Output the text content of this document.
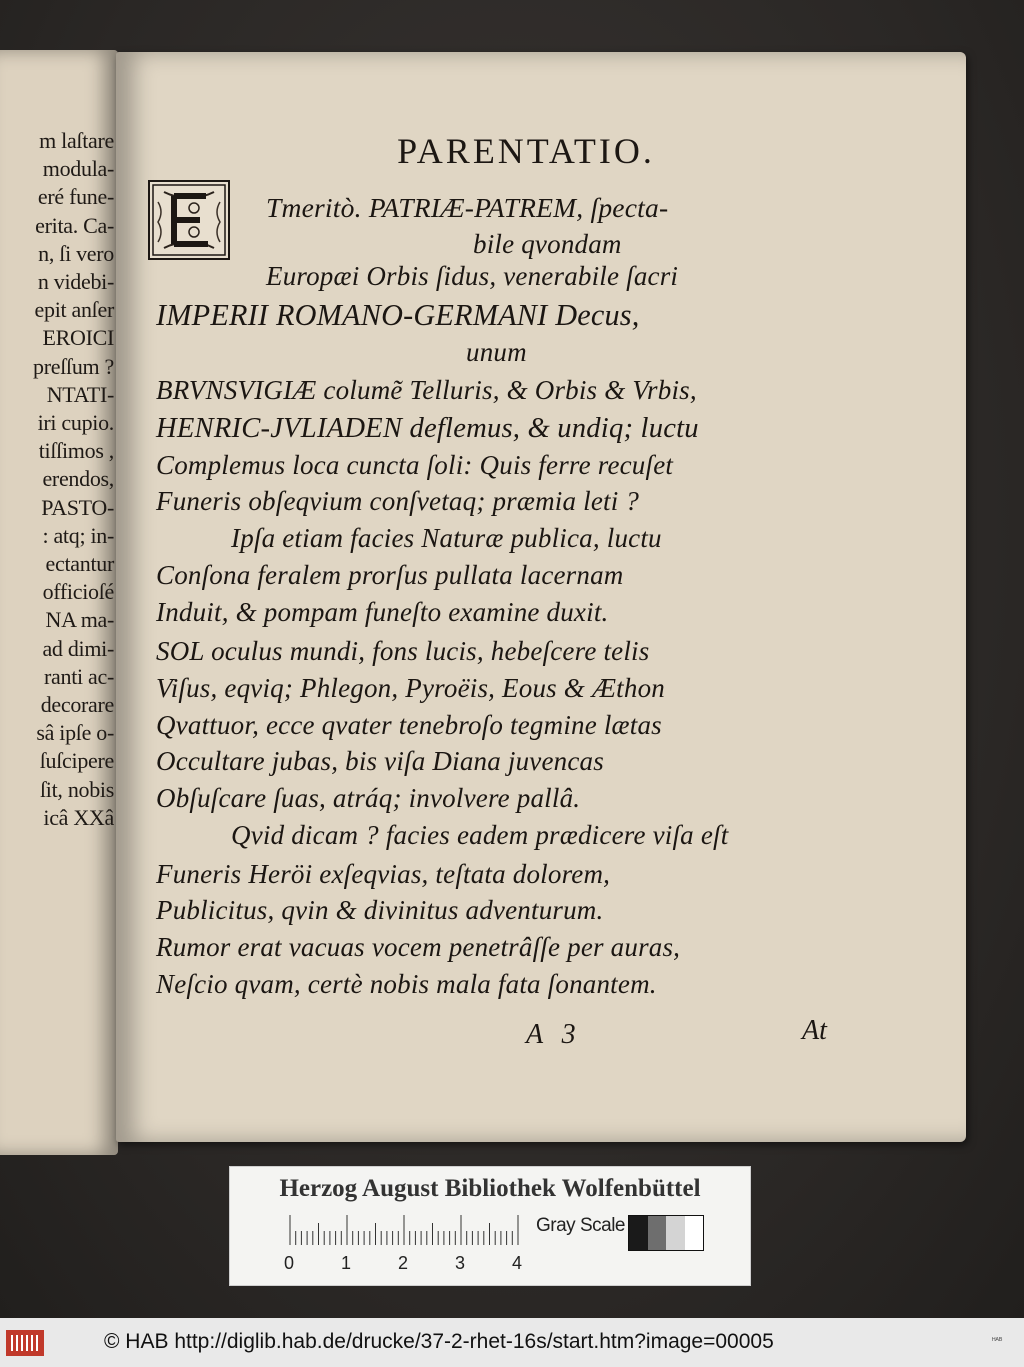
m laſtare
modula-
eré fune-
erita. Ca-
n, ſi vero
n videbi-
epit anſer
EROICI
preſſum ?
NTATI-
iri cupio.
tiſſimos ,
erendos,
PASTO-
: atq; in-
ectantur
officioſé
NA ma-
ad dimi-
ranti ac-
decorare
sâ ipſe o-
ſuſcipere
ſit, nobis
icâ XXâ
PARENTATIO.
Tmeritò. PATRIÆ-PATREM, ſpecta-
bile qvondam
Europæi Orbis ſidus, venerabile ſacri
IMPERII ROMANO-GERMANI Decus,
unum
BRVNSVIGIÆ columẽ Telluris, & Orbis & Vrbis,
HENRIC-JVLIADEN deflemus, & undiq; luctu
Complemus loca cuncta ſoli: Quis ferre recuſet
Funeris obſeqvium conſvetaq; præmia leti ?
Ipſa etiam facies Naturæ publica, luctu
Conſona feralem prorſus pullata lacernam
Induit, & pompam funeſto examine duxit.
SOL oculus mundi, fons lucis, hebeſcere telis
Viſus, eqviq; Phlegon, Pyroëis, Eous & Æthon
Qvattuor, ecce qvater tenebroſo tegmine lætas
Occultare jubas, bis viſa Diana juvencas
Obſuſcare ſuas, atráq; involvere pallâ.
Qvid dicam ? facies eadem prædicere viſa eſt
Funeris Heröi exſeqvias, teſtata dolorem,
Publicitus, qvin & divinitus adventurum.
Rumor erat vacuas vocem penetrâſſe per auras,
Neſcio qvam, certè nobis mala fata ſonantem.
A 3	At
Herzog August Bibliothek Wolfenbüttel
0	1	2	3	4
Gray Scale
© HAB http://diglib.hab.de/drucke/37-2-rhet-16s/start.htm?image=00005	ᴴᴬᴮ
